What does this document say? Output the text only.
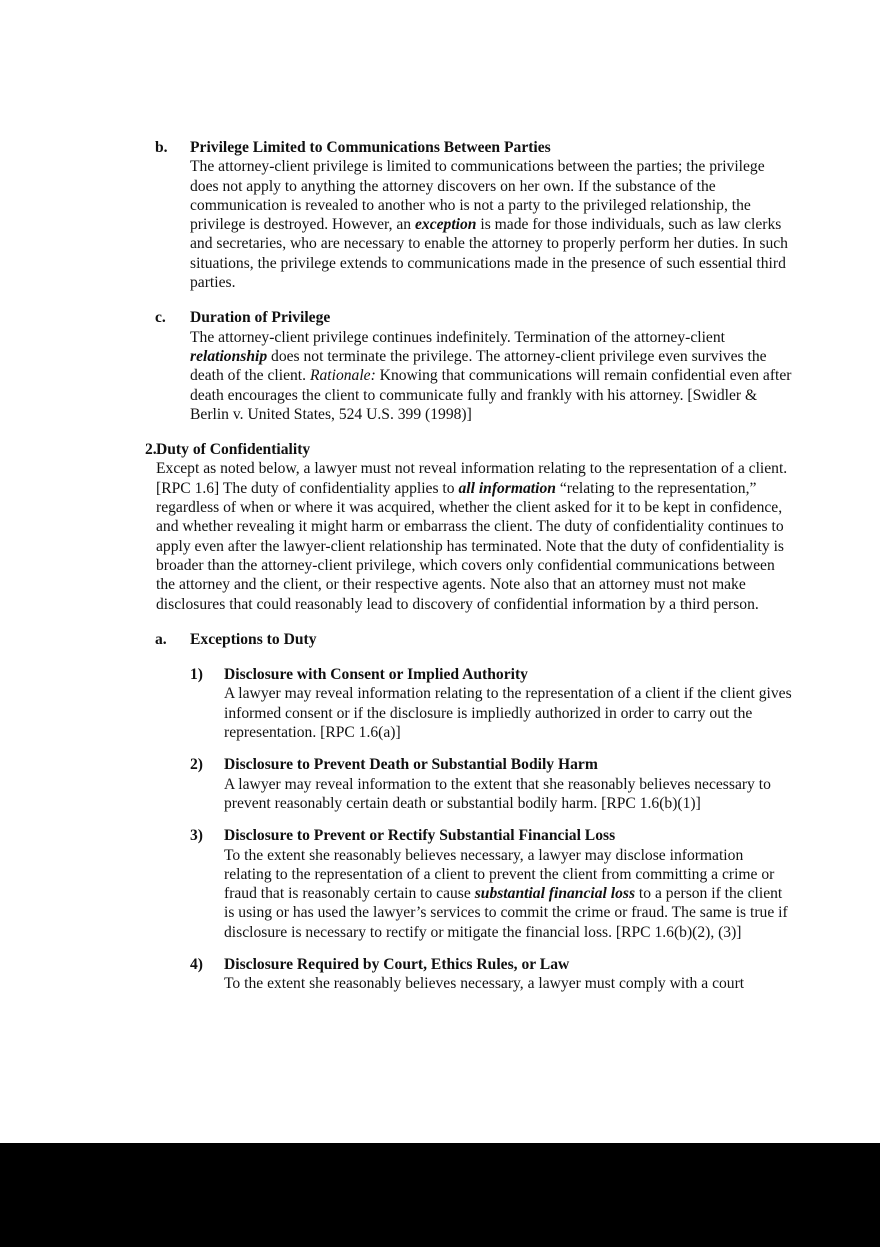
b. Privilege Limited to Communications Between Parties
The attorney-client privilege is limited to communications between the parties; the privilege does not apply to anything the attorney discovers on her own. If the substance of the communication is revealed to another who is not a party to the privileged relationship, the privilege is destroyed. However, an exception is made for those individuals, such as law clerks and secretaries, who are necessary to enable the attorney to properly perform her duties. In such situations, the privilege extends to communications made in the presence of such essential third parties.
c. Duration of Privilege
The attorney-client privilege continues indefinitely. Termination of the attorney-client relationship does not terminate the privilege. The attorney-client privilege even survives the death of the client. Rationale: Knowing that communications will remain confidential even after death encourages the client to communicate fully and frankly with his attorney. [Swidler & Berlin v. United States, 524 U.S. 399 (1998)]
2. Duty of Confidentiality
Except as noted below, a lawyer must not reveal information relating to the representation of a client. [RPC 1.6] The duty of confidentiality applies to all information “relating to the representation,” regardless of when or where it was acquired, whether the client asked for it to be kept in confidence, and whether revealing it might harm or embarrass the client. The duty of confidentiality continues to apply even after the lawyer-client relationship has terminated. Note that the duty of confidentiality is broader than the attorney-client privilege, which covers only confidential communications between the attorney and the client, or their respective agents. Note also that an attorney must not make disclosures that could reasonably lead to discovery of confidential information by a third person.
a. Exceptions to Duty
1) Disclosure with Consent or Implied Authority
A lawyer may reveal information relating to the representation of a client if the client gives informed consent or if the disclosure is impliedly authorized in order to carry out the representation. [RPC 1.6(a)]
2) Disclosure to Prevent Death or Substantial Bodily Harm
A lawyer may reveal information to the extent that she reasonably believes necessary to prevent reasonably certain death or substantial bodily harm. [RPC 1.6(b)(1)]
3) Disclosure to Prevent or Rectify Substantial Financial Loss
To the extent she reasonably believes necessary, a lawyer may disclose information relating to the representation of a client to prevent the client from committing a crime or fraud that is reasonably certain to cause substantial financial loss to a person if the client is using or has used the lawyer’s services to commit the crime or fraud. The same is true if disclosure is necessary to rectify or mitigate the financial loss. [RPC 1.6(b)(2), (3)]
4) Disclosure Required by Court, Ethics Rules, or Law
To the extent she reasonably believes necessary, a lawyer must comply with a court
